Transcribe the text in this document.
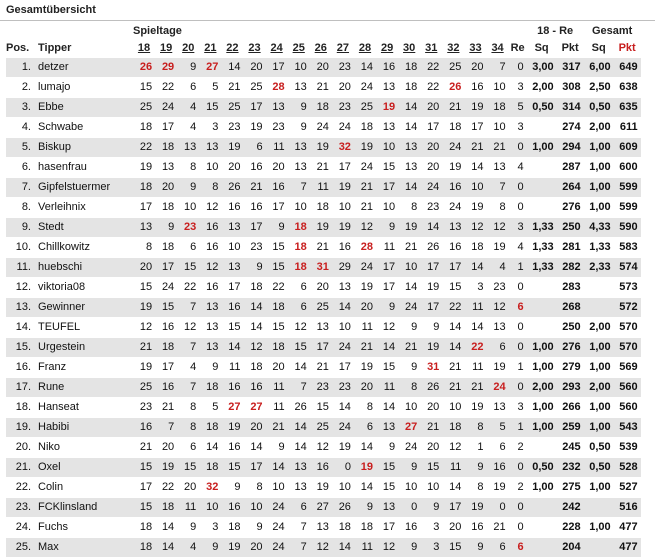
Gesamtübersicht
		Spieltage																		18 - Re		Gesamt		
Pos.	Tipper	18	19	20	21	22	23	24	25	26	27	28	29	30	31	32	33	34	Re	Sq	Pkt	Sq	Pkt	
1.	detzer	26	29	9	27	14	20	17	10	20	23	14	16	18	22	25	20	7	0	3,00	317	6,00	649	
2.	lumajo	15	22	6	5	21	25	28	13	21	20	24	13	18	22	26	16	10	3	2,00	308	2,50	638	
3.	Ebbe	25	24	4	15	25	17	13	9	18	23	25	19	14	20	21	19	18	5	0,50	314	0,50	635	
4.	Schwabe	18	17	4	3	23	19	23	9	24	24	18	13	14	17	18	17	10	3		274	2,00	611	
5.	Biskup	22	18	13	13	19	6	11	13	19	32	19	10	13	20	24	21	21	0	1,00	294	1,00	609	
6.	hasenfrau	19	13	8	10	20	16	20	13	21	17	24	15	13	20	19	14	13	4		287	1,00	600	
7.	Gipfelstuermer	18	20	9	8	26	21	16	7	11	19	21	17	14	24	16	10	7	0		264	1,00	599	
8.	Verleihnix	17	18	10	12	16	16	17	10	18	10	21	10	8	23	24	19	8	0		276	1,00	599	
9.	Stedt	13	9	23	16	13	17	9	18	19	19	12	9	19	14	13	12	12	3	1,33	250	4,33	590	
10.	Chillkowitz	8	18	6	16	10	23	15	18	21	16	28	11	21	26	16	18	19	4	1,33	281	1,33	583	
11.	huebschi	20	17	15	12	13	9	15	18	31	29	24	17	10	17	17	14	4	1	1,33	282	2,33	574	
12.	viktoria08	15	24	22	16	17	18	22	6	20	13	19	17	14	19	15	3	23	0		283		573	
13.	Gewinner	19	15	7	13	16	14	18	6	25	14	20	9	24	17	22	11	12	6		268		572	
14.	TEUFEL	12	16	12	13	15	14	15	12	13	10	11	12	9	9	14	14	13	0		250	2,00	570	
15.	Urgestein	21	18	7	13	14	12	18	15	17	24	21	14	21	19	14	22	6	0	1,00	276	1,00	570	
16.	Franz	19	17	4	9	11	18	20	14	21	17	19	15	9	31	21	11	19	1	1,00	279	1,00	569	
17.	Rune	25	16	7	18	16	16	11	7	23	23	20	11	8	26	21	21	24	0	2,00	293	2,00	560	
18.	Hanseat	23	21	8	5	27	27	11	26	15	14	8	14	10	20	10	19	13	3	1,00	266	1,00	560	
19.	Habibi	16	7	8	18	19	20	21	14	25	24	6	13	27	21	18	8	5	1	1,00	259	1,00	543	
20.	Niko	21	20	6	14	16	14	9	14	12	19	14	9	24	20	12	1	6	2		245	0,50	539	
21.	Oxel	15	19	15	18	15	17	14	13	16	0	19	15	9	15	11	9	16	0	0,50	232	0,50	528	
22.	Colin	17	22	20	32	9	8	10	13	19	10	14	15	10	10	14	8	19	2	1,00	275	1,00	527	
23.	FCKlinsland	15	18	11	10	16	10	24	6	27	26	9	13	0	9	17	19	0	0		242		516	
24.	Fuchs	18	14	9	3	18	9	24	7	13	18	18	17	16	3	20	16	21	0		228	1,00	477	
25.	Max	18	14	4	9	19	20	24	7	12	14	11	12	9	3	15	9	6	6		204		477	
